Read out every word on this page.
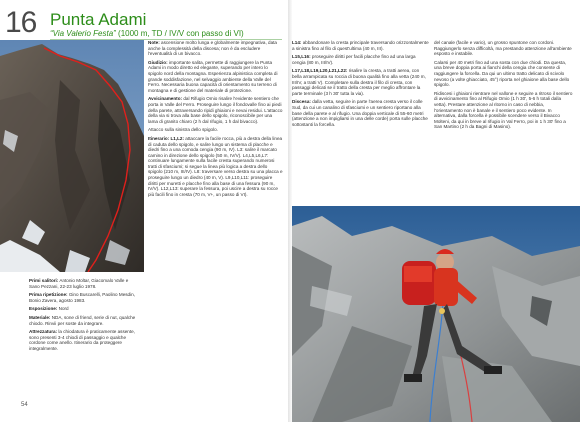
16 Punta Adami
“Via Valerio Festa” (1000 m, TD / IV/V con passo di VI)

Primi salitori: Antonio Moltar, Giacomalo Valle e Sano Pezzani, 22-23 luglio 1978.

Prima ripetizione: Gino Buscarelli, Paolino Mesdin, Bonio Zavera, agosto 1983.

Esposizione: Nord

Materiale: NDA, sone di friend, serie di nut, qualche chiodo. Rinvii per soste da integrare.

Attrezzatura: la chiodatura è praticamente assente, sono presenti 3-4 chiodi di passaggio e qualche cordone come anello. Itinerario da proteggere integralmente.

Note: ascensione molto lunga e globalmente impegnativa, data anche la complessità della discesa; non è da escludere l'eventualità di un bivacco.

Giudizio: importante salita, permette di raggiungere la Punta Adami in modo diretto ed elegante, superando per intero lo spigolo nord della montagna. Esperienza alpinistica completa di grande soddisfazione, nel selvaggio ambiente della Valle del Ferro. Necessaria buona capacità di orientamento su terreno di montagna e di gestione del materiale di protezione.

Avvicinamento: dal Rifugio Omio risalire l'evidente sentiero che porta in Valle del Ferro. Proseguire lungo il fondovalle fino ai piedi della parete, attraversando ripidi ghiaioni e nevai residui. L'attacco della via si trova alla base dello spigolo, riconoscibile per una lama di granito chiaro (2 h dal rifugio, 1 h dal bivacco).

Attacco sulla sinistra dello spigolo.

Itinerario: L1,L2: attaccare la facile rocca, più a destra della linea di caduta dello spigolo, e salire lungo un sistema di placche e diedri fino a una comoda cengia (90 m, IV). L3: salire il marcato camino in direzione dello spigolo (50 m, IV/V). L4,L5,L6,L7: continuare lungamente sulla facile cresta superando numerosi tratti di sfasciumi; si segue la linea più logica a destra dello spigolo (210 m, III/IV). L8: traversare verso destra su una placca e proseguire lungo un diedro (40 m, V). L9,L10,L11: proseguire diritti per muretti e placche fino alla base di una fessura (90 m, IV/V). L12,L13: superare la fessura, poi uscire a destra su rocce più facili fino in cresta (70 m, V+, un passo di VI).

L14: abbandonare la cresta principale traversando orizzontalmente a sinistra fino al filo di quest'ultima (40 m, III).

L15,L16: proseguire diritti per facili placche fino ad una larga cengia (80 m, III/IV).

L17,L18,L19,L20,L21,L22: risalire la cresta, a tratti aerea, con bella arrampicata su roccia di buona qualità fino alla vetta (240 m, III/IV, a tratti V). Completare sulla destra il filo di cresta, con passaggi delicati se il tratto della cresta per meglio affrontare la parte terminale (3 h 30' tutta la via).

Discesa: dalla vetta, seguire in parte l'aerea cresta verso il colle Sud, da cui un canalino di sfasciumi e un sentiero riportano alla base della parete e al rifugio. Una doppia verticale di 55-60 metri (attenzione a non impigliarsi in una delle corde) porta sulle placche sottostanti la forcella.

del canale (facile e vario), un grosso spuntone con cordoni. Raggiungerlo senza difficoltà, ma prestando attenzione all'ambiente esposto e instabile.

Calarsi per 40 metri fino ad una sosta con due chiodi. Da questa, una breve doppia porta ai fianchi della cengia che consente di raggiungere la forcella. Da qui un ultimo tratto delicato di scivolo nevoso (a volte ghiacciato, 45°) riporta nel ghiaione alla base dello spigolo.

Ridiscesi i ghiaioni rientrare nel vallone e seguire a ritroso il sentiero di avvicinamento fino al Rifugio Omio (1 h 30', 5-6 h totali dalla vetta). Prestare attenzione al ritorno in caso di nebbia, l'orientamento non è banale e il sentiero poco evidente. In alternativa, dalla forcella è possibile scendere verso il Bivacco Molteni, da qui in breve al rifugio in Val Ferro, poi in 1 h 30' fino a San Martino (2 h da Bagni di Masino).

54
